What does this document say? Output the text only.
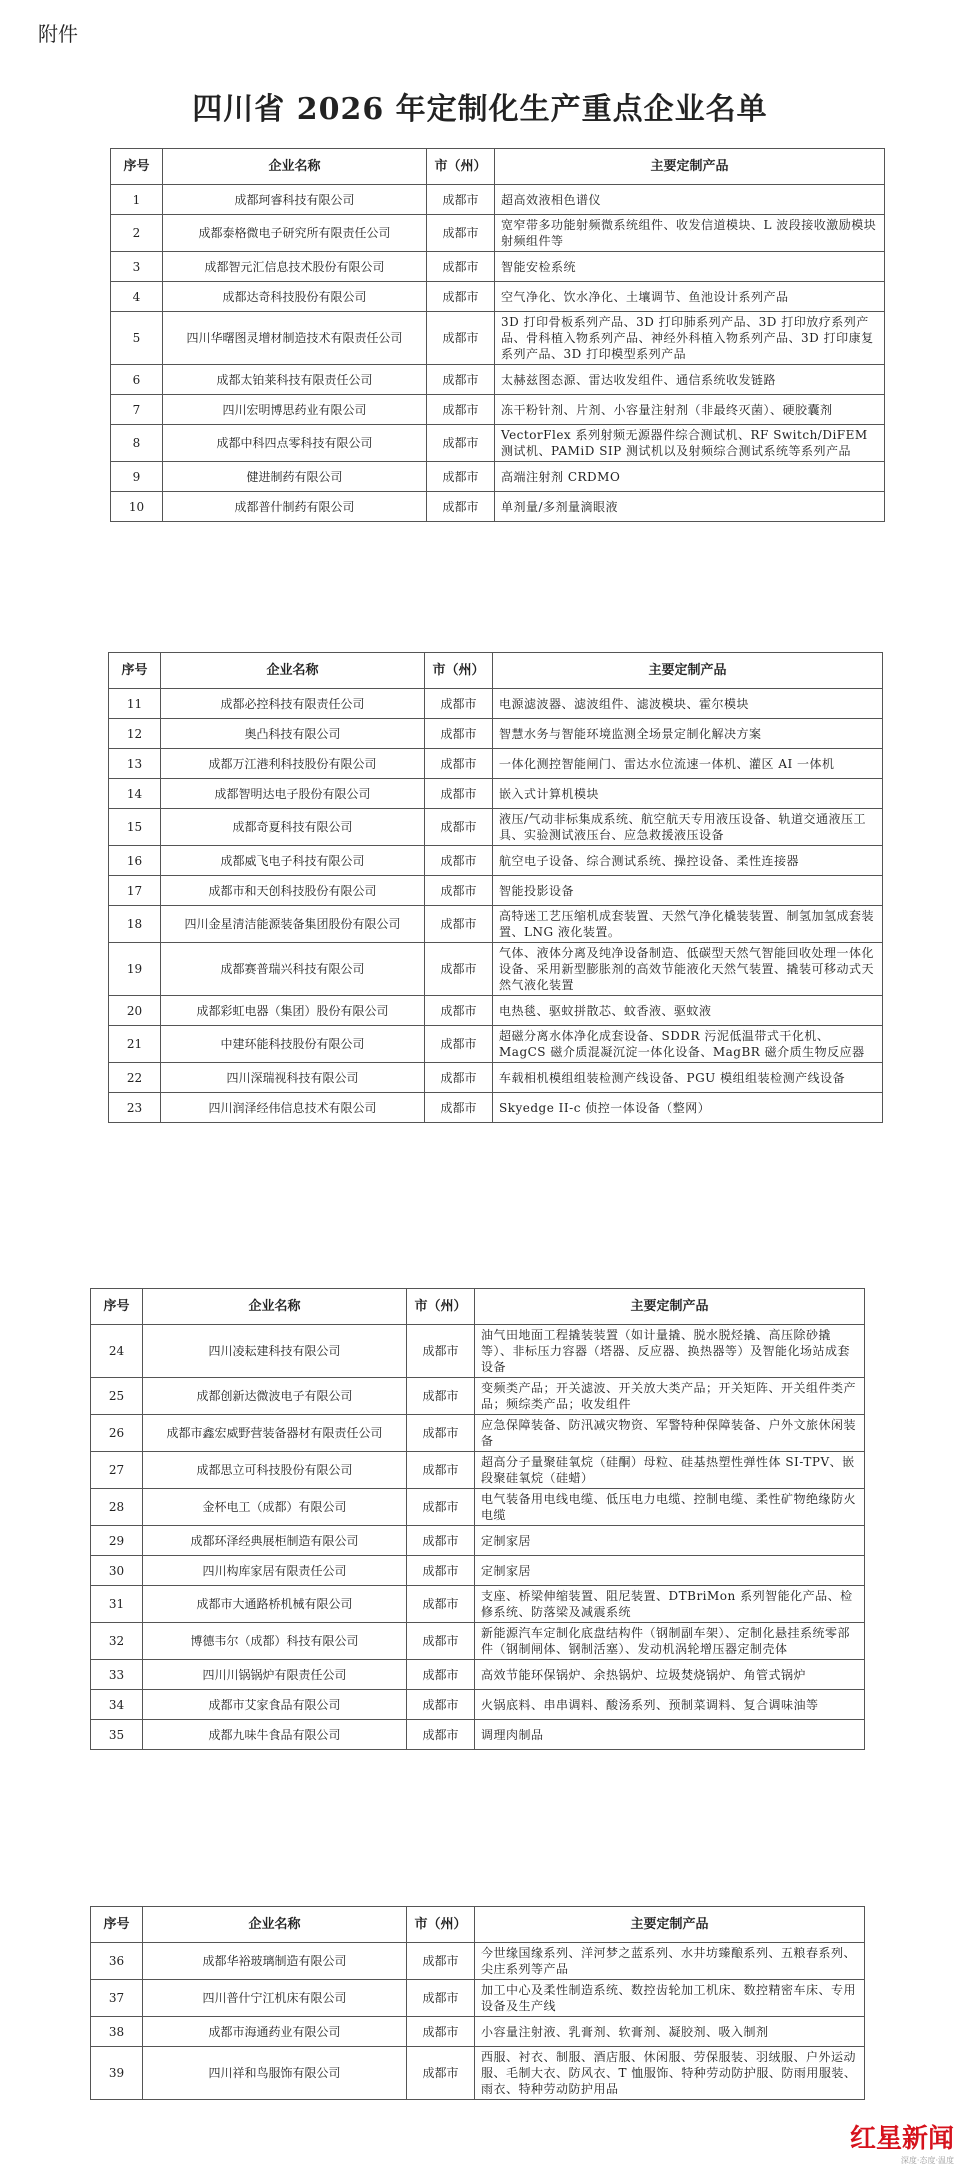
附件
四川省 2026 年定制化生产重点企业名单
序号	企业名称	市（州）	主要定制产品
1	成都珂睿科技有限公司	成都市	超高效液相色谱仪
2	成都泰格微电子研究所有限责任公司	成都市	宽窄带多功能射频微系统组件、收发信道模块、L 波段接收激励模块射频组件等
3	成都智元汇信息技术股份有限公司	成都市	智能安检系统
4	成都达奇科技股份有限公司	成都市	空气净化、饮水净化、土壤调节、鱼池设计系列产品
5	四川华曙图灵增材制造技术有限责任公司	成都市	3D 打印骨板系列产品、3D 打印肺系列产品、3D 打印放疗系列产品、骨科植入物系列产品、神经外科植入物系列产品、3D 打印康复系列产品、3D 打印模型系列产品
6	成都太铂莱科技有限责任公司	成都市	太赫兹图态源、雷达收发组件、通信系统收发链路
7	四川宏明博思药业有限公司	成都市	冻干粉针剂、片剂、小容量注射剂（非最终灭菌）、硬胶囊剂
8	成都中科四点零科技有限公司	成都市	VectorFlex 系列射频无源器件综合测试机、RF Switch/DiFEM 测试机、PAMiD SIP 测试机以及射频综合测试系统等系列产品
9	健进制药有限公司	成都市	高端注射剂 CRDMO
10	成都普什制药有限公司	成都市	单剂量/多剂量滴眼液
序号	企业名称	市（州）	主要定制产品
11	成都必控科技有限责任公司	成都市	电源滤波器、滤波组件、滤波模块、霍尔模块
12	奥凸科技有限公司	成都市	智慧水务与智能环境监测全场景定制化解决方案
13	成都万江港利科技股份有限公司	成都市	一体化测控智能闸门、雷达水位流速一体机、灌区 AI 一体机
14	成都智明达电子股份有限公司	成都市	嵌入式计算机模块
15	成都奇夏科技有限公司	成都市	液压/气动非标集成系统、航空航天专用液压设备、轨道交通液压工具、实验测试液压台、应急救援液压设备
16	成都威飞电子科技有限公司	成都市	航空电子设备、综合测试系统、操控设备、柔性连接器
17	成都市和天创科技股份有限公司	成都市	智能投影设备
18	四川金星清洁能源装备集团股份有限公司	成都市	高特迷工艺压缩机成套装置、天然气净化橇装装置、制氢加氢成套装置、LNG 液化装置。
19	成都赛普瑞兴科技有限公司	成都市	气体、液体分离及纯净设备制造、低碳型天然气智能回收处理一体化设备、采用新型膨胀剂的高效节能液化天然气装置、撬装可移动式天然气液化装置
20	成都彩虹电器（集团）股份有限公司	成都市	电热毯、驱蚊拼散芯、蚊香液、驱蚊液
21	中建环能科技股份有限公司	成都市	超磁分离水体净化成套设备、SDDR 污泥低温带式干化机、MagCS 磁介质混凝沉淀一体化设备、MagBR 磁介质生物反应器
22	四川深瑞视科技有限公司	成都市	车载相机模组组装检测产线设备、PGU 模组组装检测产线设备
23	四川润泽经伟信息技术有限公司	成都市	Skyedge II-c 侦控一体设备（整网）
序号	企业名称	市（州）	主要定制产品
24	四川凌耘建科技有限公司	成都市	油气田地面工程撬装装置（如计量撬、脱水脱烃撬、高压除砂撬等）、非标压力容器（塔器、反应器、换热器等）及智能化场站成套设备
25	成都创新达微波电子有限公司	成都市	变频类产品；开关滤波、开关放大类产品；开关矩阵、开关组件类产品；频综类产品；收发组件
26	成都市鑫宏威野营装备器材有限责任公司	成都市	应急保障装备、防汛减灾物资、军警特种保障装备、户外文旅休闲装备
27	成都思立可科技股份有限公司	成都市	超高分子量聚硅氧烷（硅酮）母粒、硅基热塑性弹性体 SI-TPV、嵌段聚硅氧烷（硅蜡）
28	金杯电工（成都）有限公司	成都市	电气装备用电线电缆、低压电力电缆、控制电缆、柔性矿物绝缘防火电缆
29	成都环泽经典展柜制造有限公司	成都市	定制家居
30	四川构库家居有限责任公司	成都市	定制家居
31	成都市大通路桥机械有限公司	成都市	支座、桥梁伸缩装置、阻尼装置、DTBriMon 系列智能化产品、检修系统、防落梁及减震系统
32	博德韦尔（成都）科技有限公司	成都市	新能源汽车定制化底盘结构件（钢制副车架）、定制化悬挂系统零部件（钢制闸体、钢制活塞）、发动机涡轮增压器定制壳体
33	四川川锅锅炉有限责任公司	成都市	高效节能环保锅炉、余热锅炉、垃圾焚烧锅炉、角管式锅炉
34	成都市艾家食品有限公司	成都市	火锅底料、串串调料、酸汤系列、预制菜调料、复合调味油等
35	成都九味牛食品有限公司	成都市	调理肉制品
序号	企业名称	市（州）	主要定制产品
36	成都华裕玻璃制造有限公司	成都市	今世缘国缘系列、洋河梦之蓝系列、水井坊臻酿系列、五粮春系列、尖庄系列等产品
37	四川普什宁江机床有限公司	成都市	加工中心及柔性制造系统、数控齿轮加工机床、数控精密车床、专用设备及生产线
38	成都市海通药业有限公司	成都市	小容量注射液、乳膏剂、软膏剂、凝胶剂、吸入制剂
39	四川祥和鸟服饰有限公司	成都市	西服、衬衣、制服、酒店服、休闲服、劳保服装、羽绒服、户外运动服、毛制大衣、防风衣、T 恤服饰、特种劳动防护服、防雨用服装、雨衣、特种劳动防护用品
红星新闻
深度·态度·温度
